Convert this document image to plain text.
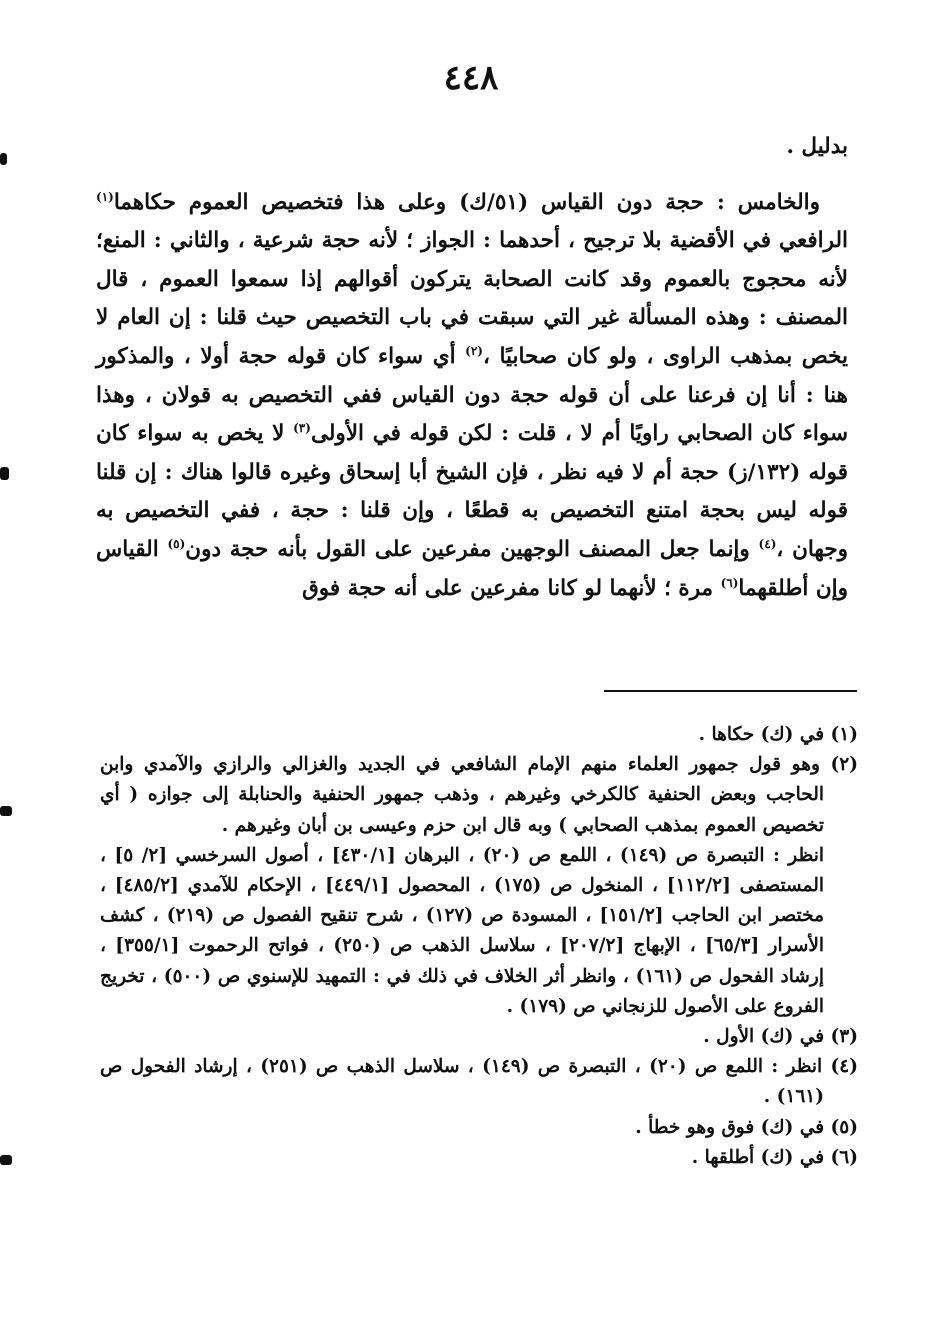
٤٤٨

بدليل .

والخامس : حجة دون القياس (٥١/ك) وعلى هذا فتخصيص العموم حكاهما$^{(١)}$ الرافعي في الأقضية بلا ترجيح ، أحدهما : الجواز ؛ لأنه حجة شرعية ، والثاني : المنع؛ لأنه محجوج بالعموم وقد كانت الصحابة يتركون أقوالهم إذا سمعوا العموم ، قال المصنف : وهذه المسألة غير التي سبقت في باب التخصيص حيث قلنا : إن العام لا يخص بمذهب الراوى ، ولو كان صحابيًا ،$^{(٢)}$ أي سواء كان قوله حجة أولا ، والمذكور هنا : أنا إن فرعنا على أن قوله حجة دون القياس ففي التخصيص به قولان ، وهذا سواء كان الصحابي راويًا أم لا ، قلت : لكن قوله في الأولى$^{(٣)}$ لا يخص به سواء كان قوله (١٣٢/ز) حجة أم لا فيه نظر ، فإن الشيخ أبا إسحاق وغيره قالوا هناك : إن قلنا قوله ليس بحجة امتنع التخصيص به قطعًا ، وإن قلنا : حجة ، ففي التخصيص به وجهان ،$^{(٤)}$ وإنما جعل المصنف الوجهين مفرعين على القول بأنه حجة دون$^{(٥)}$ القياس وإن أطلقهما$^{(٦)}$ مرة ؛ لأنهما لو كانا مفرعين على أنه حجة فوق

(١) في (ك) حكاها .

(٢) وهو قول جمهور العلماء منهم الإمام الشافعي في الجديد والغزالي والرازي والآمدي وابن الحاجب وبعض الحنفية كالكرخي وغيرهم ، وذهب جمهور الحنفية والحنابلة إلى جوازه ( أي تخصيص العموم بمذهب الصحابي ) وبه قال ابن حزم وعيسى بن أبان وغيرهم .

انظر : التبصرة ص (١٤٩) ، اللمع ص (٢٠) ، البرهان [٤٣٠/١] ، أصول السرخسي [٢/ ٥] ، المستصفى [١١٢/٢] ، المنخول ص (١٧٥) ، المحصول [٤٤٩/١] ، الإحكام للآمدي [٤٨٥/٢] ، مختصر ابن الحاجب [١٥١/٢] ، المسودة ص (١٢٧) ، شرح تنقيح الفصول ص (٢١٩) ، كشف الأسرار [٦٥/٣] ، الإبهاج [٢٠٧/٢] ، سلاسل الذهب ص (٢٥٠) ، فواتح الرحموت [٣٥٥/١] ، إرشاد الفحول ص (١٦١) ، وانظر أثر الخلاف في ذلك في : التمهيد للإسنوي ص (٥٠٠) ، تخريج الفروع على الأصول للزنجاني ص (١٧٩) .

(٣) في (ك) الأول .

(٤) انظر : اللمع ص (٢٠) ، التبصرة ص (١٤٩) ، سلاسل الذهب ص (٢٥١) ، إرشاد الفحول ص (١٦١) .

(٥) في (ك) فوق وهو خطأ .

(٦) في (ك) أطلقها .
